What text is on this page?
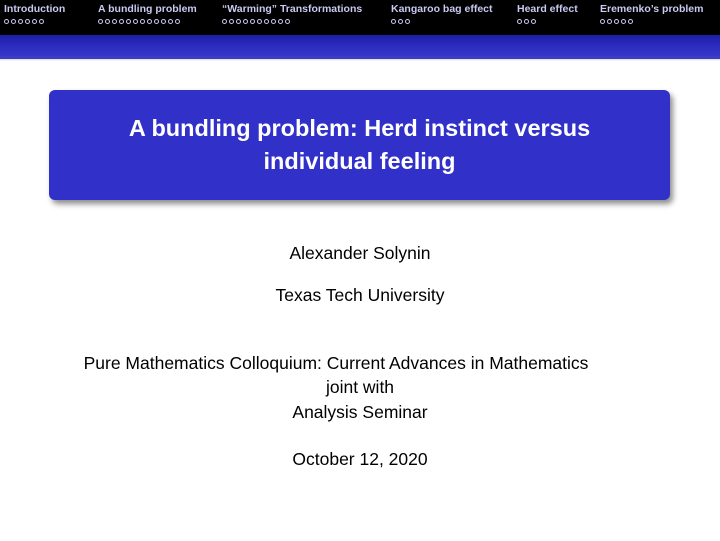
Introduction	A bundling problem “Warming” Transformations	Kangaroo bag effect Heard effect Eremenko’s problem
A bundling problem: Herd instinct versus individual feeling
Alexander Solynin
Texas Tech University
Pure Mathematics Colloquium: Current Advances in Mathematics
joint with
Analysis Seminar
October 12, 2020
